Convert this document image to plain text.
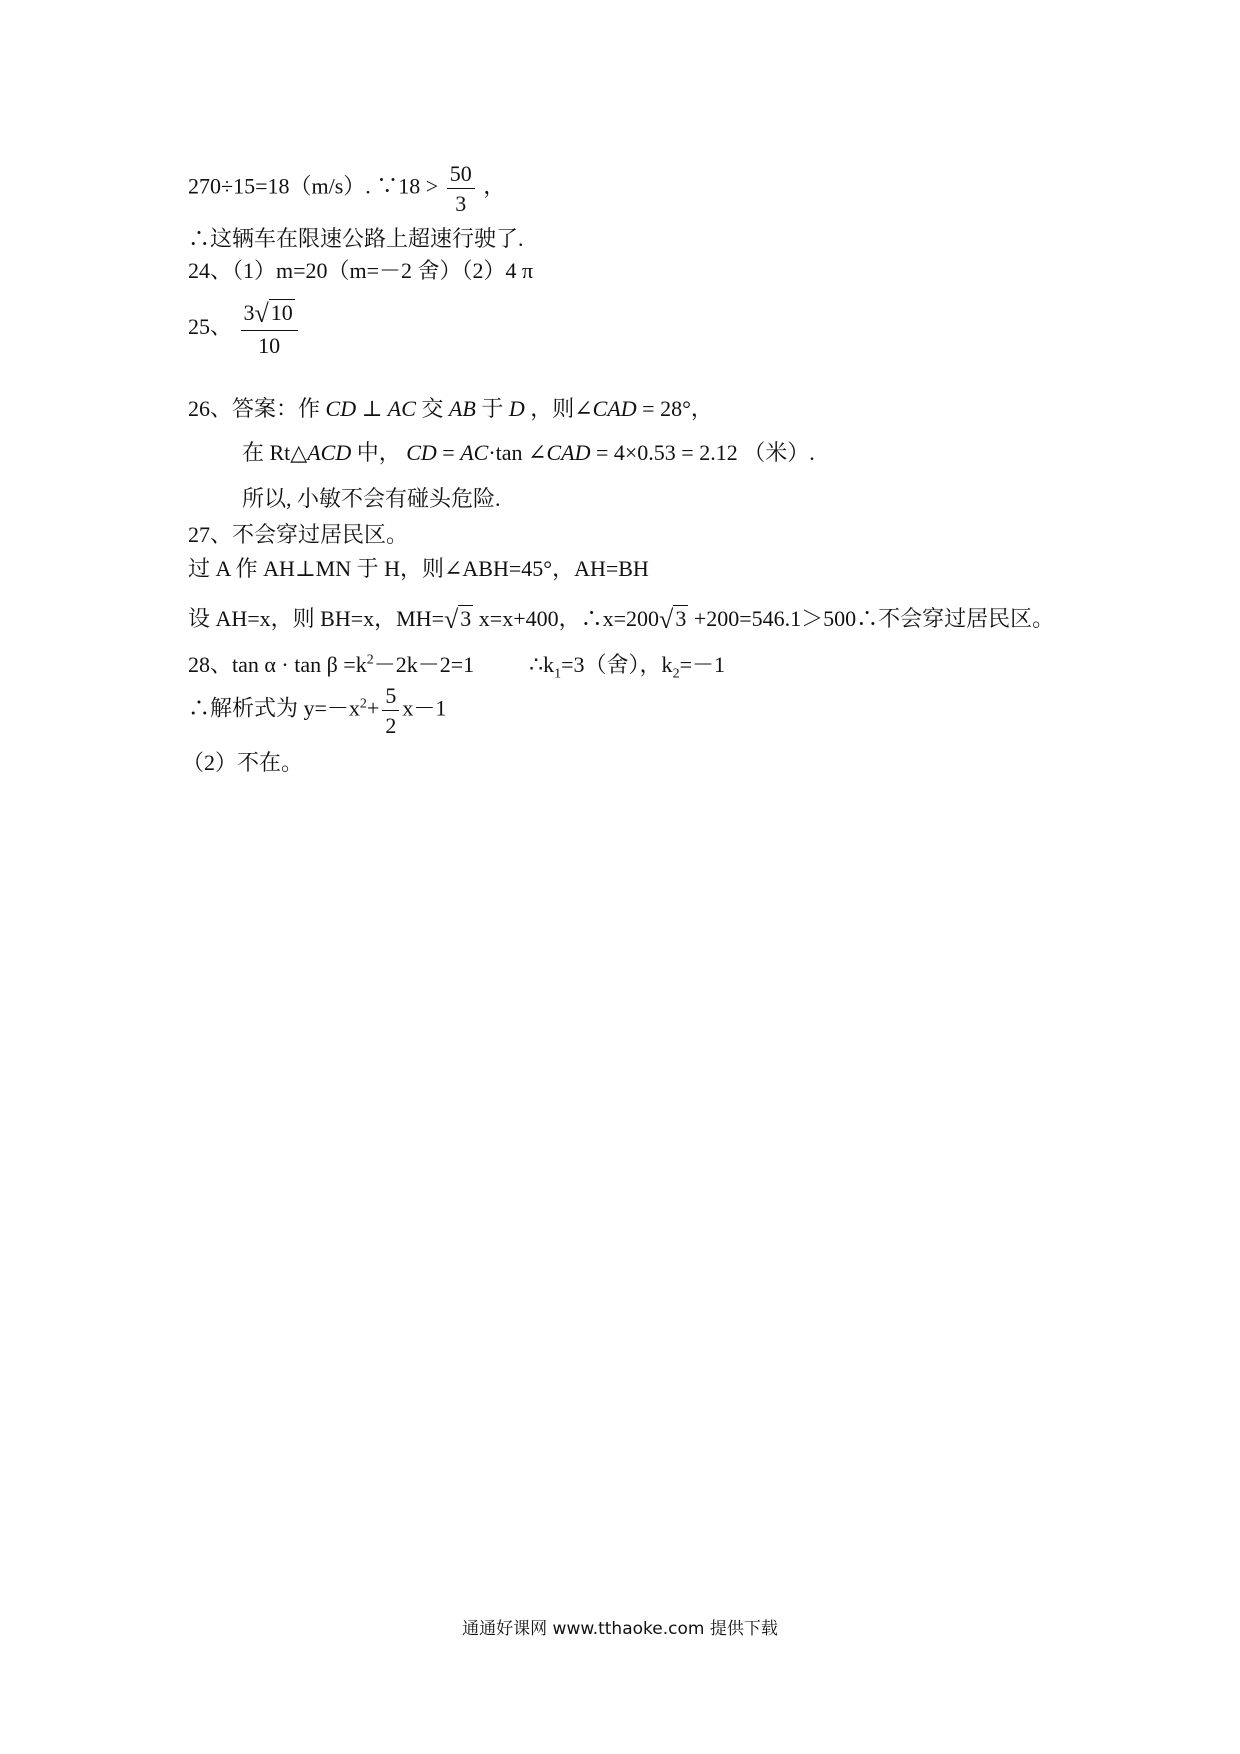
270÷15=18（m/s）. ∵18 > $\frac{50}{3}$ ，
∴这辆车在限速公路上超速行驶了.
24、（1）m=20（m=－2 舍）（2）4 π
25、 $\frac{3√10}{10}$
26、答案：作 CD ⊥ AC 交 AB 于 D ，则∠CAD = 28°，
在 Rt△ACD 中， CD = AC·tan ∠CAD = 4×0.53 = 2.12 （米）.
所以, 小敏不会有碰头危险.
27、不会穿过居民区。
过 A 作 AH⊥MN 于 H，则∠ABH=45°，AH=BH
设 AH=x，则 BH=x，MH=√3 x=x+400，∴x=200√3 +200=546.1＞500∴不会穿过居民区。
28、$\tan \alpha \cdot \tan \beta =k^2-2k-2=1$	$\therefore k_1=3$（舍），$k_2=-1$
∴解析式为 $y=-x^2+ \frac{5}{2} x-1$
（2）不在。
通通好课网 www.tthaoke.com 提供下载
